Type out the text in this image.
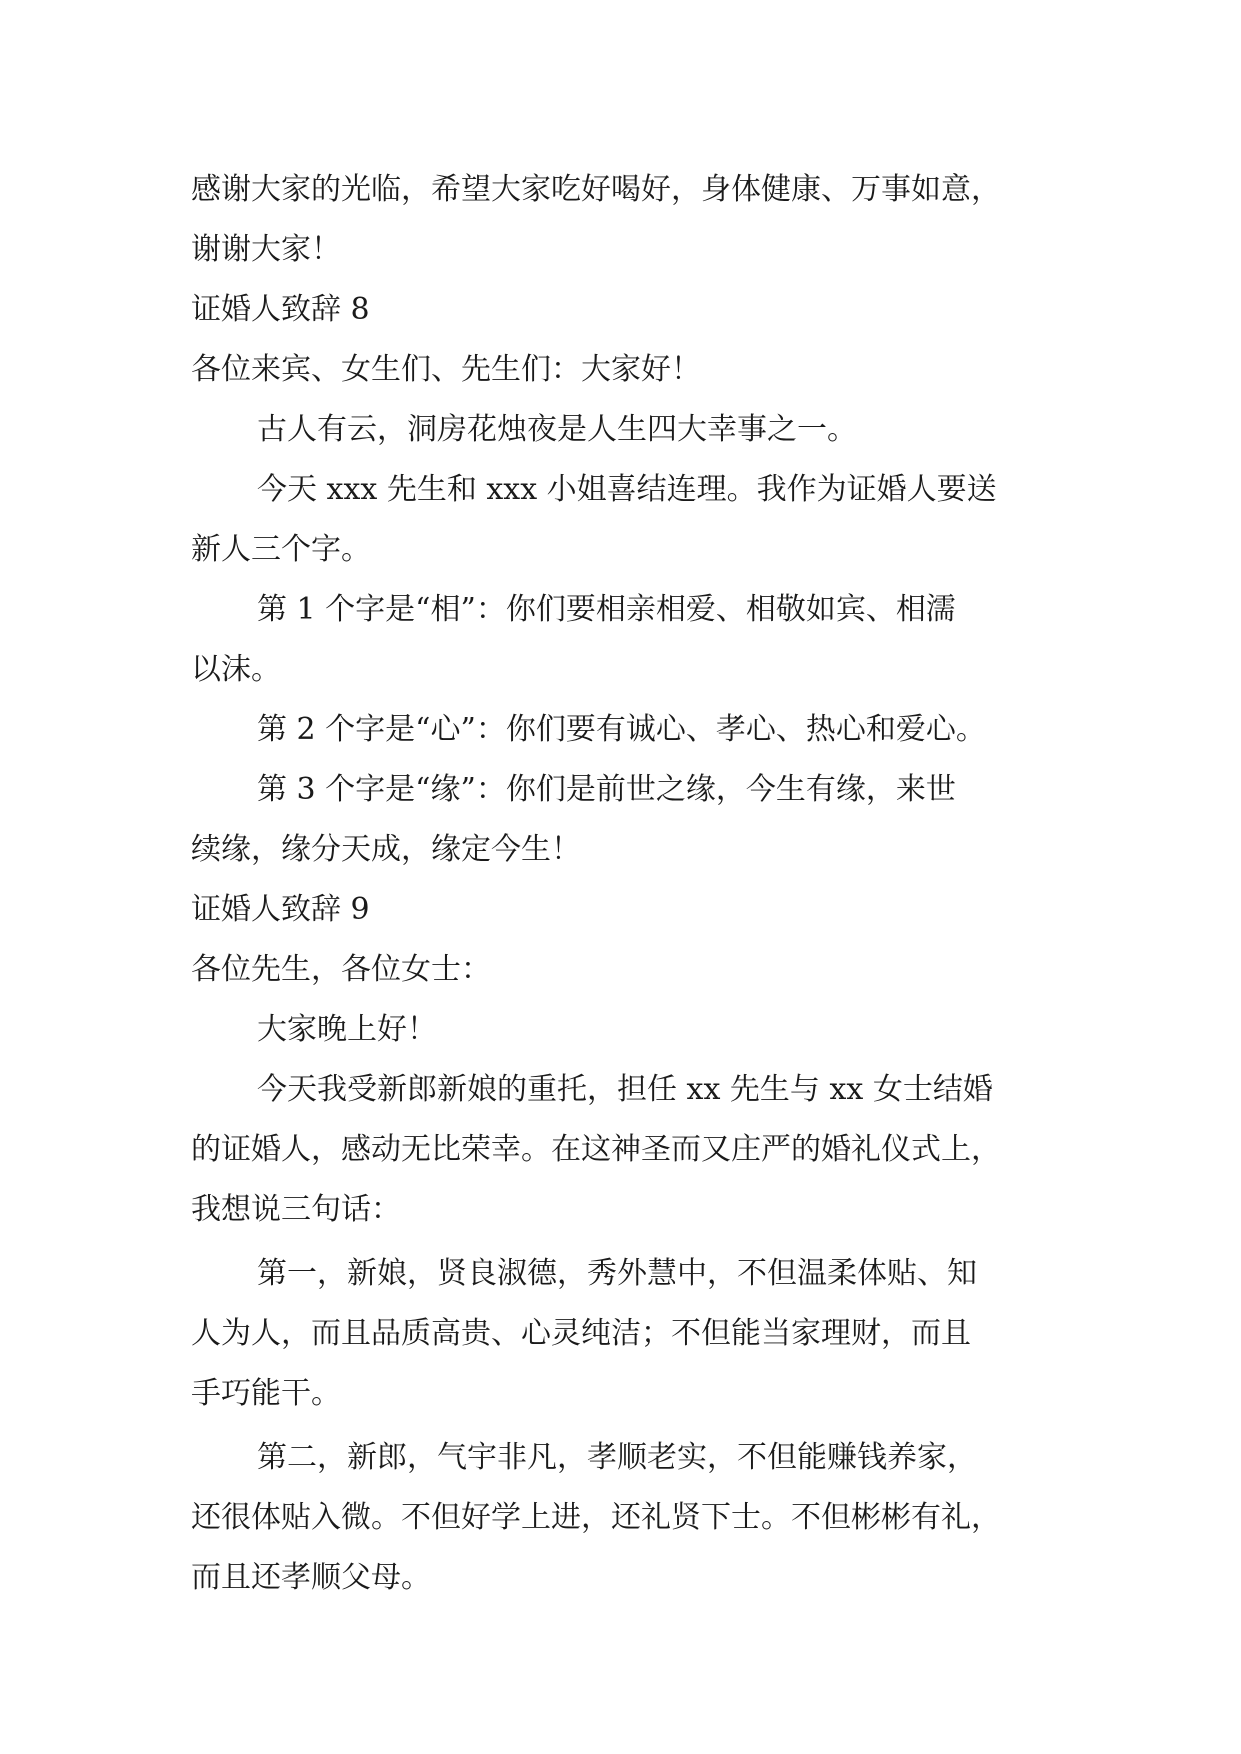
感谢大家的光临，希望大家吃好喝好，身体健康、万事如意，

谢谢大家！

证婚人致辞 8

各位来宾、女生们、先生们：大家好！

古人有云，洞房花烛夜是人生四大幸事之一。

今天 xxx 先生和 xxx 小姐喜结连理。我作为证婚人要送

新人三个字。

第 1 个字是“相”：你们要相亲相爱、相敬如宾、相濡

以沫。

第 2 个字是“心”：你们要有诚心、孝心、热心和爱心。

第 3 个字是“缘”：你们是前世之缘，今生有缘，来世

续缘，缘分天成，缘定今生！

证婚人致辞 9

各位先生，各位女士：

大家晚上好！

今天我受新郎新娘的重托，担任 xx 先生与 xx 女士结婚

的证婚人，感动无比荣幸。在这神圣而又庄严的婚礼仪式上，

我想说三句话：

第一，新娘，贤良淑德，秀外慧中，不但温柔体贴、知

人为人，而且品质高贵、心灵纯洁；不但能当家理财，而且

手巧能干。

第二，新郎，气宇非凡，孝顺老实，不但能赚钱养家，

还很体贴入微。不但好学上进，还礼贤下士。不但彬彬有礼，

而且还孝顺父母。
